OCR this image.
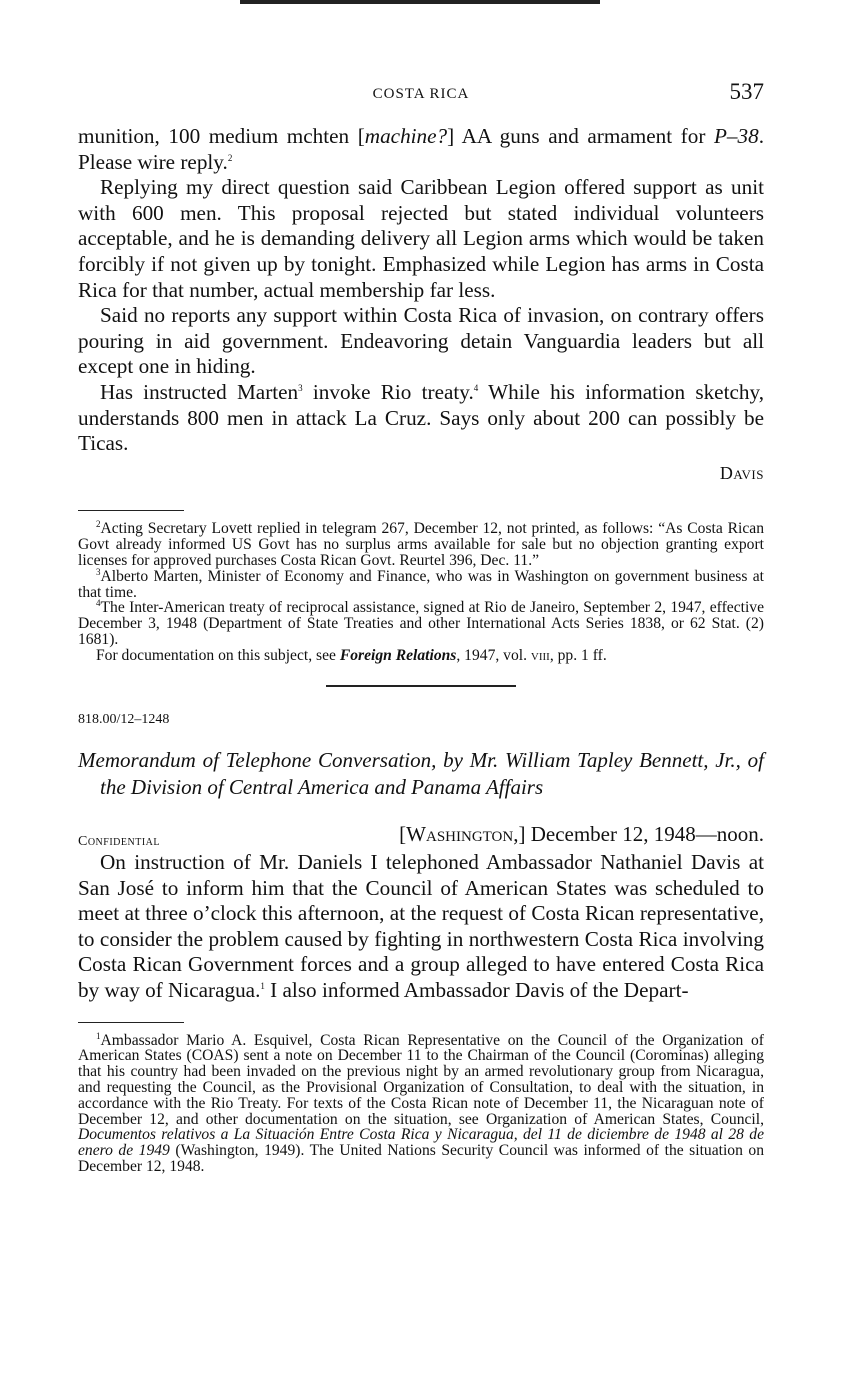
COSTA RICA	537

munition, 100 medium mchten [machine?] AA guns and armament for P–38. Please wire reply.$^2$

Replying my direct question said Caribbean Legion offered support as unit with 600 men. This proposal rejected but stated individual volunteers acceptable, and he is demanding delivery all Legion arms which would be taken forcibly if not given up by tonight. Emphasized while Legion has arms in Costa Rica for that number, actual membership far less.

Said no reports any support within Costa Rica of invasion, on contrary offers pouring in aid government. Endeavoring detain Vanguardia leaders but all except one in hiding.

Has instructed Marten$^3$ invoke Rio treaty.$^4$ While his information sketchy, understands 800 men in attack La Cruz. Says only about 200 can possibly be Ticas.

Davis

$^2$Acting Secretary Lovett replied in telegram 267, December 12, not printed, as follows: “As Costa Rican Govt already informed US Govt has no surplus arms available for sale but no objection granting export licenses for approved purchases Costa Rican Govt. Reurtel 396, Dec. 11.”

$^3$Alberto Marten, Minister of Economy and Finance, who was in Washington on government business at that time.

$^4$The Inter-American treaty of reciprocal assistance, signed at Rio de Janeiro, September 2, 1947, effective December 3, 1948 (Department of State Treaties and other International Acts Series 1838, or 62 Stat. (2) 1681).

For documentation on this subject, see Foreign Relations, 1947, vol. viii, pp. 1 ff.

818.00/12–1248
Memorandum of Telephone Conversation, by Mr. William Tapley Bennett, Jr., of the Division of Central America and Panama Affairs
Confidential	[Washington,] December 12, 1948—noon.

On instruction of Mr. Daniels I telephoned Ambassador Nathaniel Davis at San José to inform him that the Council of American States was scheduled to meet at three o’clock this afternoon, at the request of Costa Rican representative, to consider the problem caused by fighting in northwestern Costa Rica involving Costa Rican Government forces and a group alleged to have entered Costa Rica by way of Nicaragua.$^1$ I also informed Ambassador Davis of the Depart-

$^1$Ambassador Mario A. Esquivel, Costa Rican Representative on the Council of the Organization of American States (COAS) sent a note on December 11 to the Chairman of the Council (Corominas) alleging that his country had been invaded on the previous night by an armed revolutionary group from Nicaragua, and requesting the Council, as the Provisional Organization of Consultation, to deal with the situation, in accordance with the Rio Treaty. For texts of the Costa Rican note of December 11, the Nicaraguan note of December 12, and other documentation on the situation, see Organization of American States, Council, Documentos relativos a La Situación Entre Costa Rica y Nicaragua, del 11 de diciembre de 1948 al 28 de enero de 1949 (Washington, 1949). The United Nations Security Council was informed of the situation on December 12, 1948.
